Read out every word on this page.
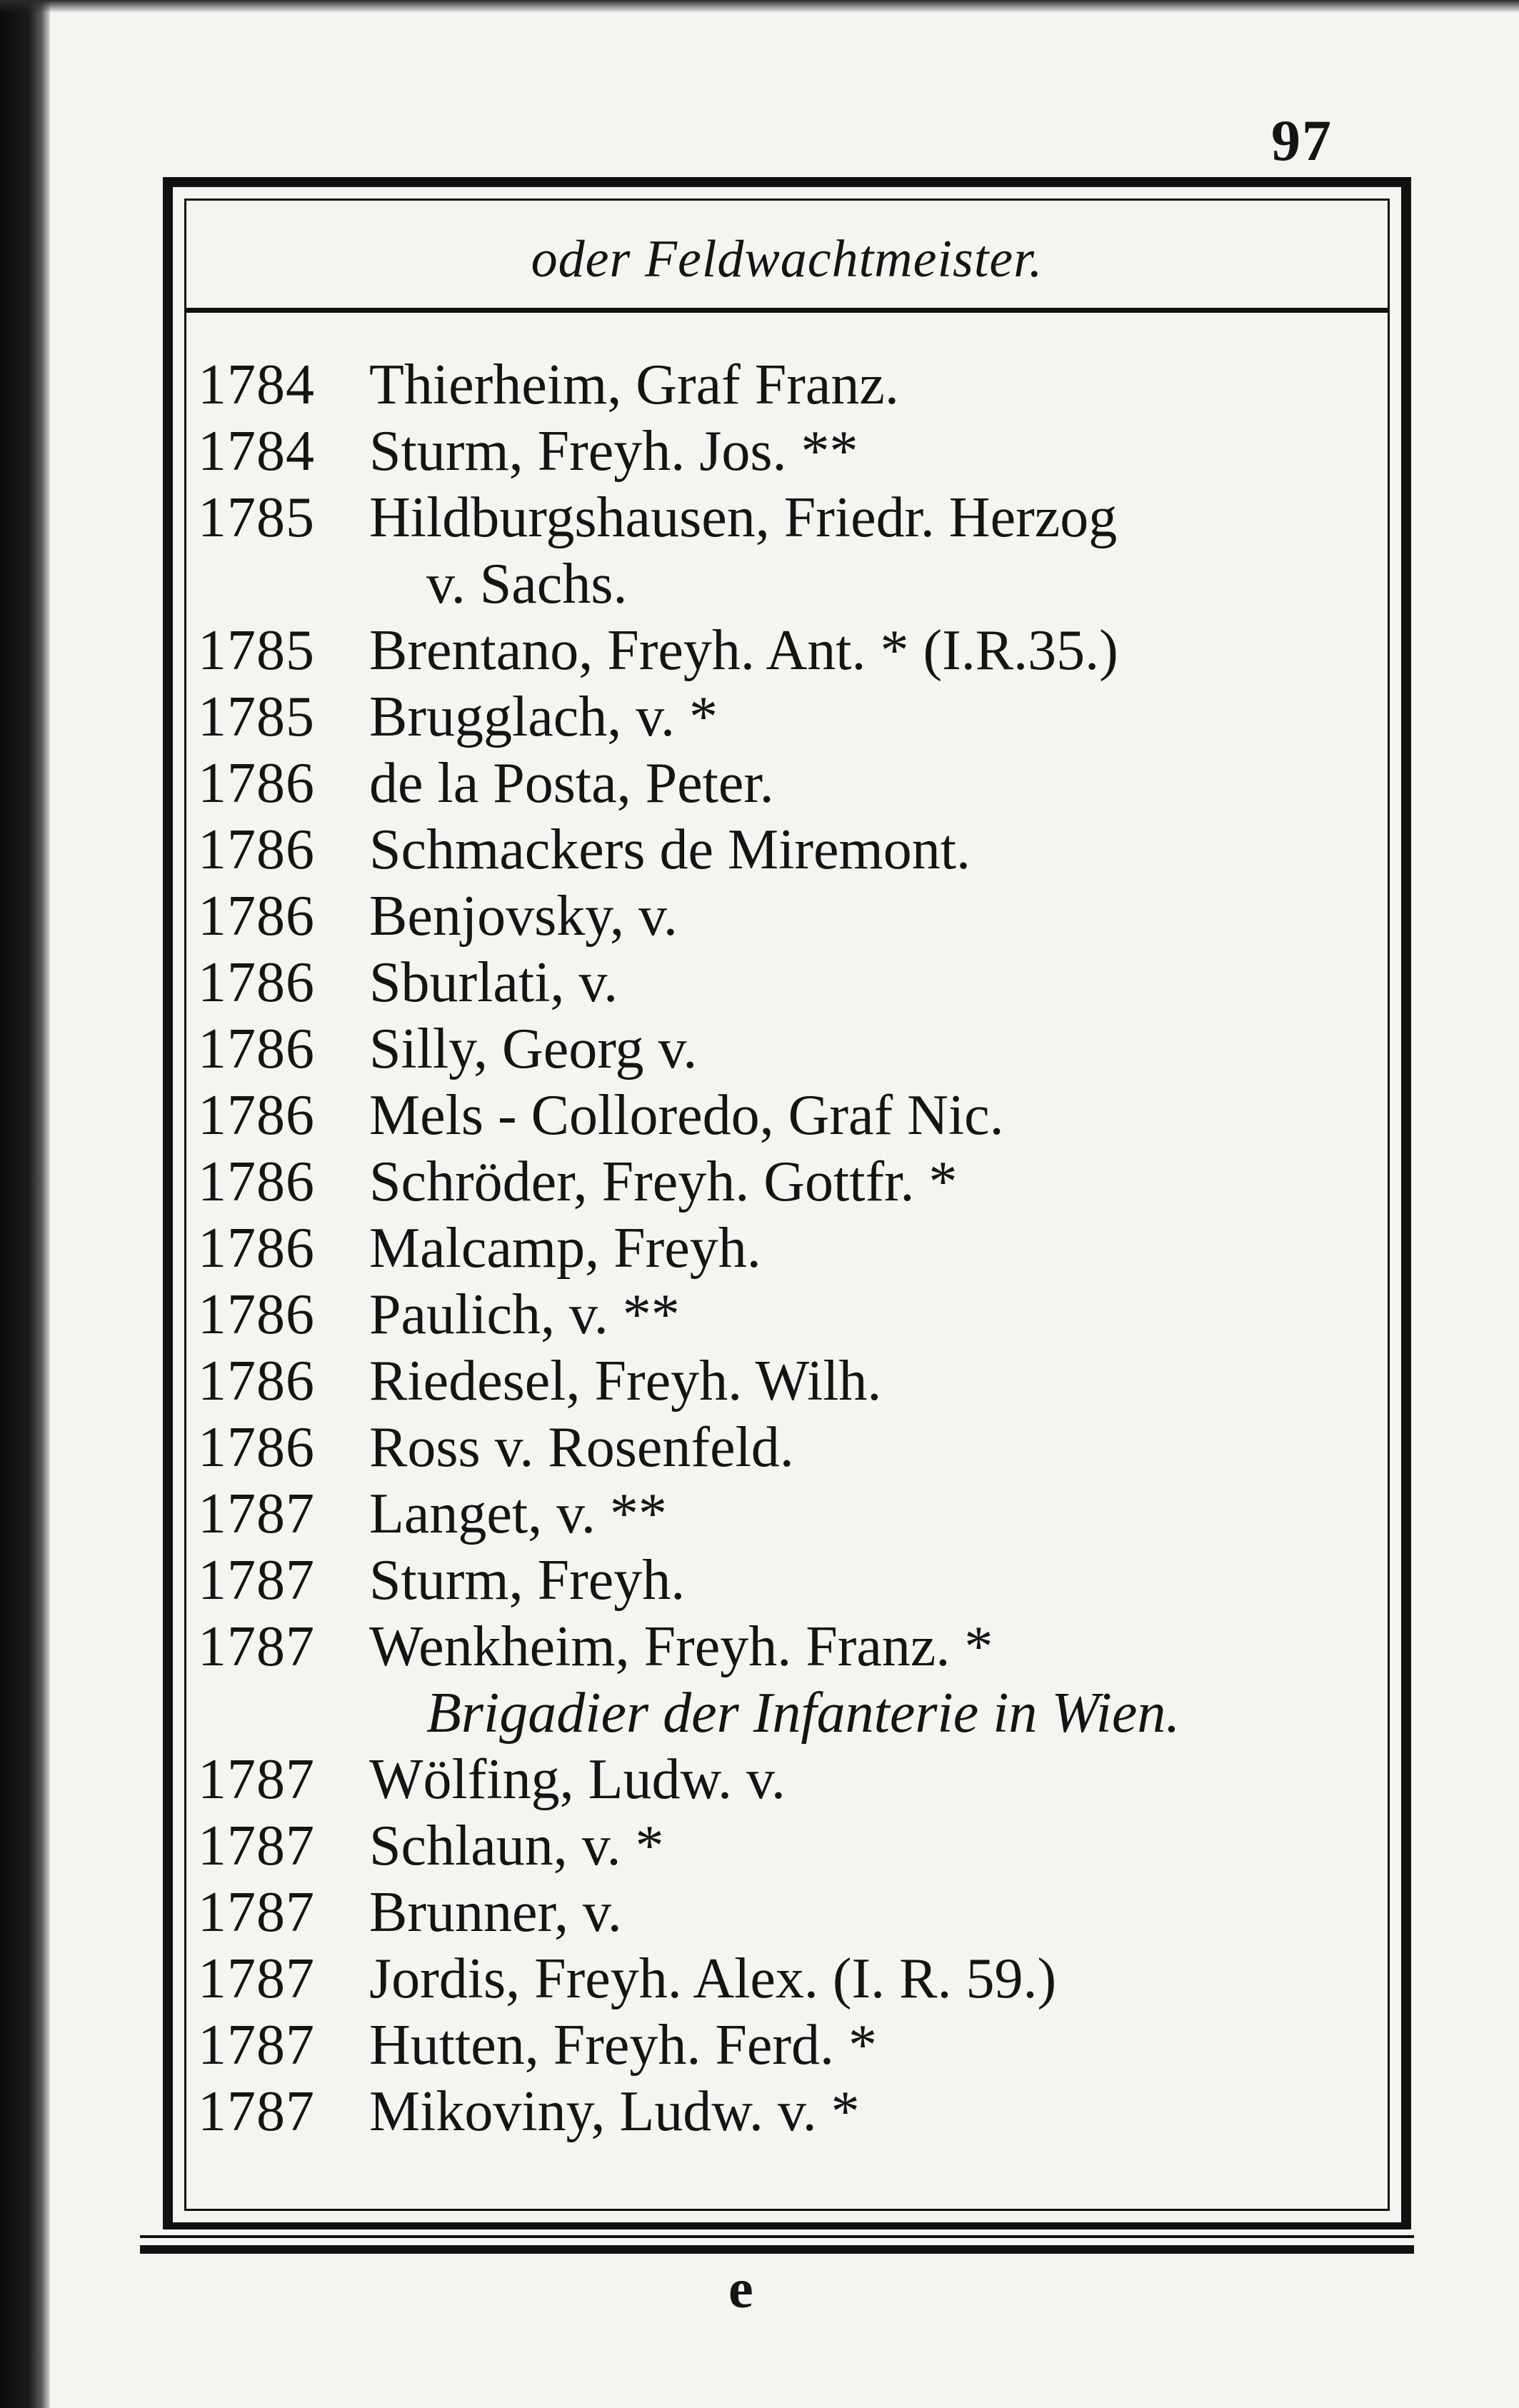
97
oder Feldwachtmeister.
1784 Thierheim, Graf Franz.
1784 Sturm, Freyh. Jos. **
1785 Hildburgshausen, Friedr. Herzog
v. Sachs.
1785 Brentano, Freyh. Ant. * (I.R.35.)
1785 Brugglach, v. *
1786 de la Posta, Peter.
1786 Schmackers de Miremont.
1786 Benjovsky, v.
1786 Sburlati, v.
1786 Silly, Georg v.
1786 Mels - Colloredo, Graf Nic.
1786 Schröder, Freyh. Gottfr. *
1786 Malcamp, Freyh.
1786 Paulich, v. **
1786 Riedesel, Freyh. Wilh.
1786 Ross v. Rosenfeld.
1787 Langet, v. **
1787 Sturm, Freyh.
1787 Wenkheim, Freyh. Franz. *
Brigadier der Infanterie in Wien.
1787 Wölfing, Ludw. v.
1787 Schlaun, v. *
1787 Brunner, v.
1787 Jordis, Freyh. Alex. (I. R. 59.)
1787 Hutten, Freyh. Ferd. *
1787 Mikoviny, Ludw. v. *
e
